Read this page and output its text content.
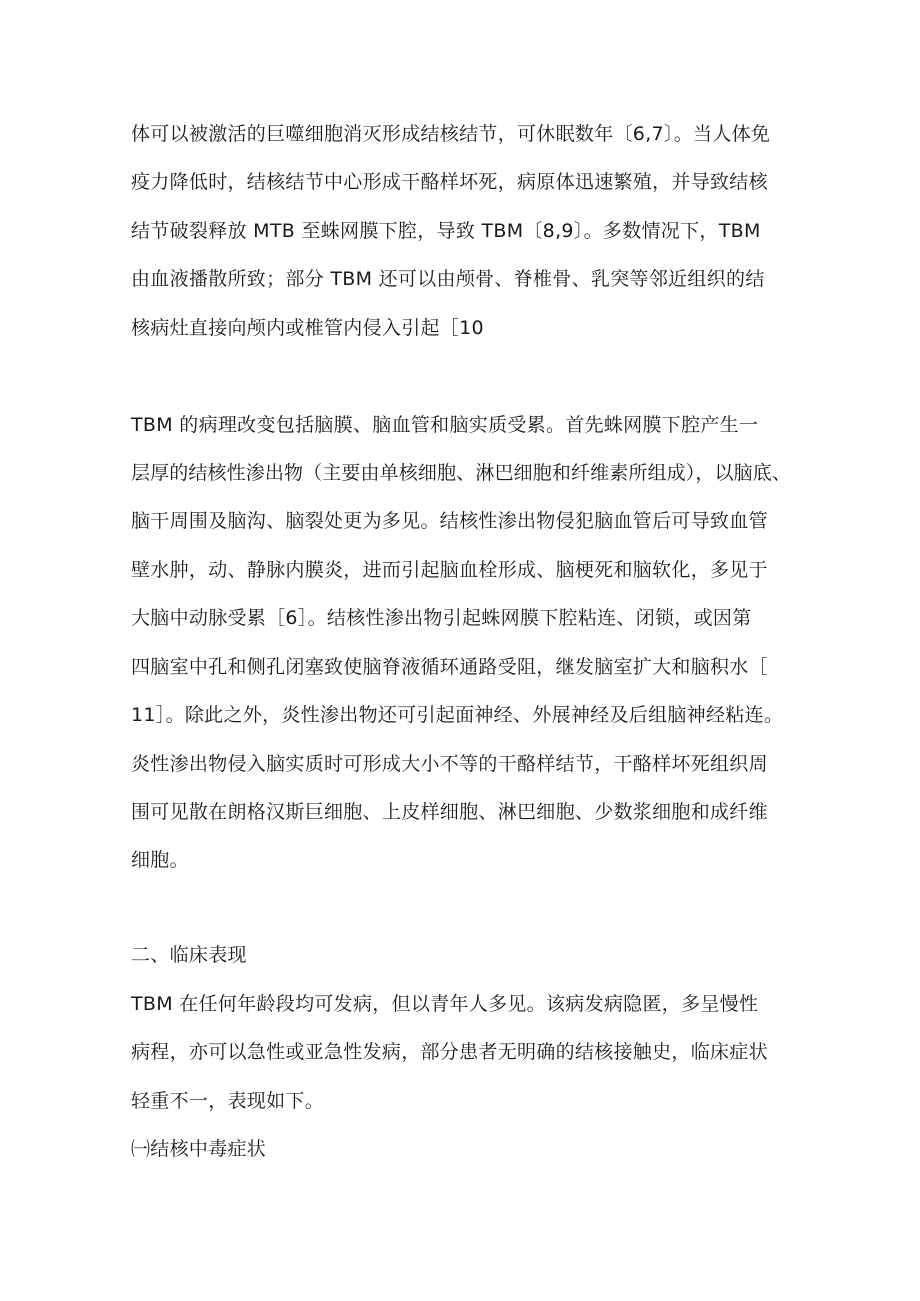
体可以被激活的巨噬细胞消灭形成结核结节，可休眠数年〔6,7〕。当人体免
疫力降低时，结核结节中心形成干酪样坏死，病原体迅速繁殖，并导致结核
结节破裂释放 MTB 至蛛网膜下腔，导致 TBM〔8,9〕。多数情况下，TBM
由血液播散所致；部分 TBM 还可以由颅骨、脊椎骨、乳突等邻近组织的结
核病灶直接向颅内或椎管内侵入引起［10
TBM 的病理改变包括脑膜、脑血管和脑实质受累。首先蛛网膜下腔产生一
层厚的结核性渗出物（主要由单核细胞、淋巴细胞和纤维素所组成），以脑底、
脑干周围及脑沟、脑裂处更为多见。结核性渗出物侵犯脑血管后可导致血管
壁水肿，动、静脉内膜炎，进而引起脑血栓形成、脑梗死和脑软化，多见于
大脑中动脉受累［6］。结核性渗出物引起蛛网膜下腔粘连、闭锁，或因第
四脑室中孔和侧孔闭塞致使脑脊液循环通路受阻，继发脑室扩大和脑积水［
11］。除此之外，炎性渗出物还可引起面神经、外展神经及后组脑神经粘连。
炎性渗出物侵入脑实质时可形成大小不等的干酪样结节，干酪样坏死组织周
围可见散在朗格汉斯巨细胞、上皮样细胞、淋巴细胞、少数浆细胞和成纤维
细胞。
二、临床表现
TBM 在任何年龄段均可发病，但以青年人多见。该病发病隐匿，多呈慢性
病程，亦可以急性或亚急性发病，部分患者无明确的结核接触史，临床症状
轻重不一，表现如下。
㈠结核中毒症状
